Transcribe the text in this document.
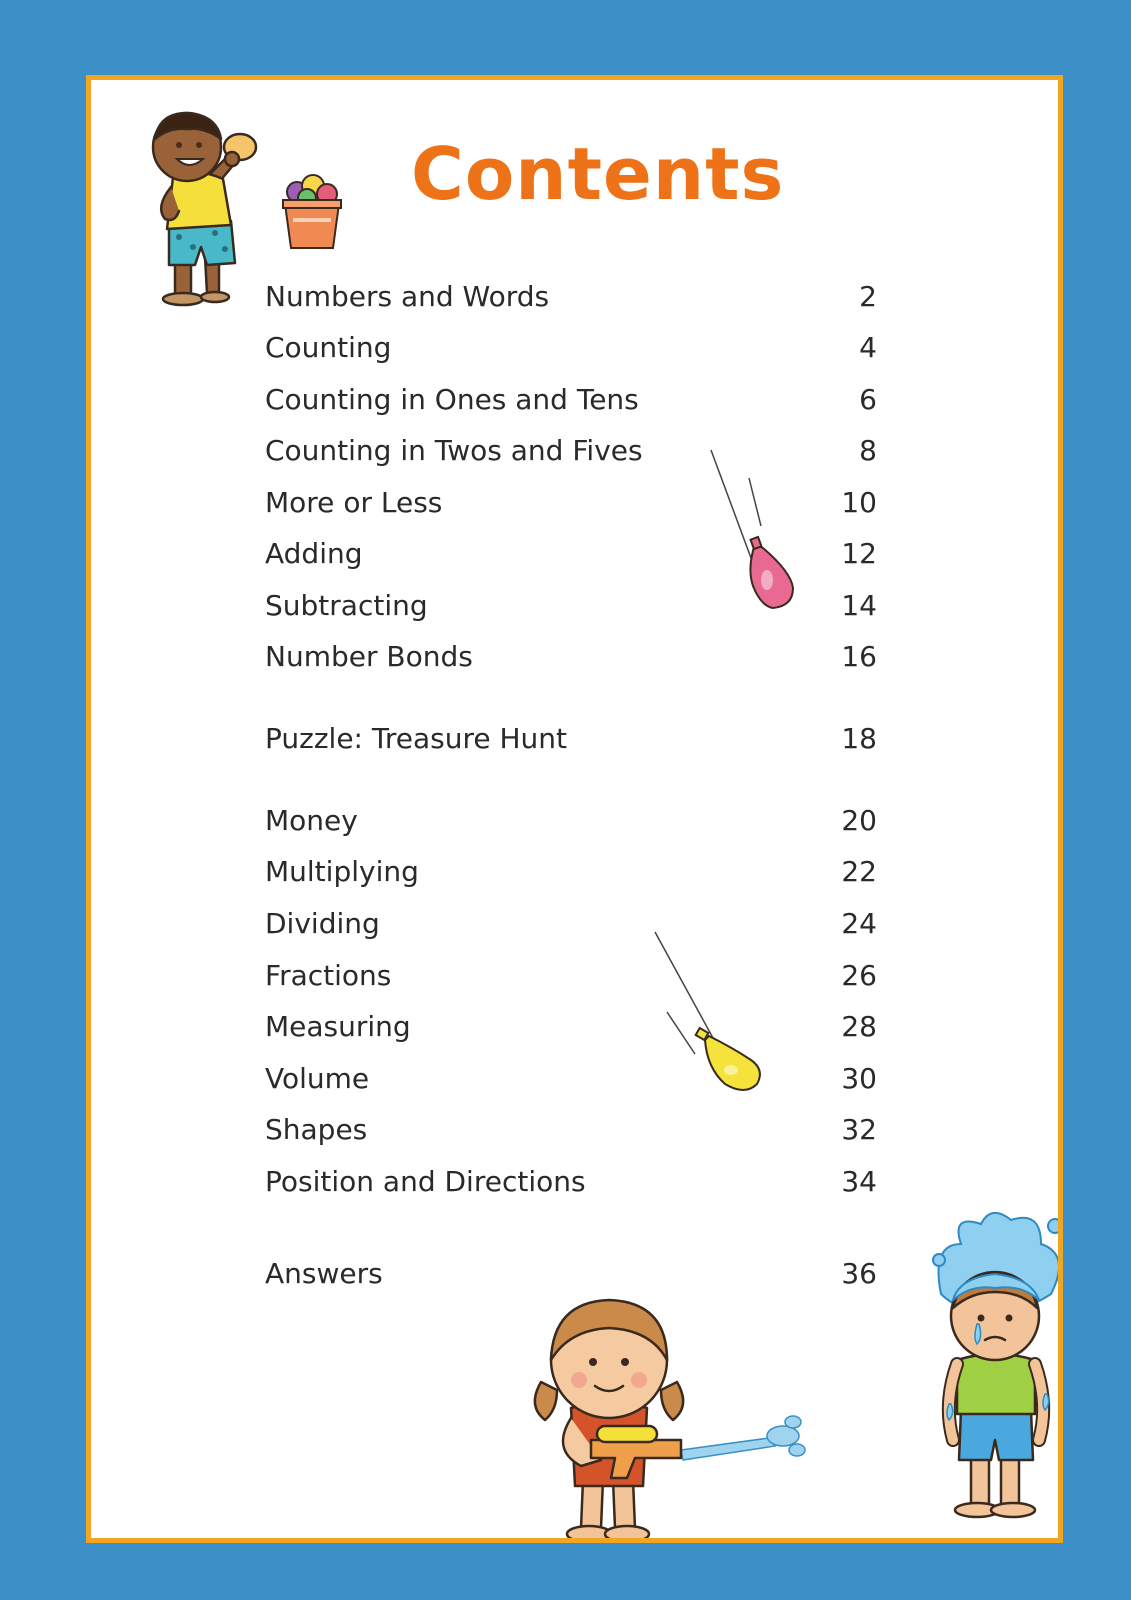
Contents
Numbers and Words	2
Counting	4
Counting in Ones and Tens	6
Counting in Twos and Fives	8
More or Less	10
Adding	12
Subtracting	14
Number Bonds	16
Puzzle: Treasure Hunt	18
Money	20
Multiplying	22
Dividing	24
Fractions	26
Measuring	28
Volume	30
Shapes	32
Position and Directions	34
Answers	36
